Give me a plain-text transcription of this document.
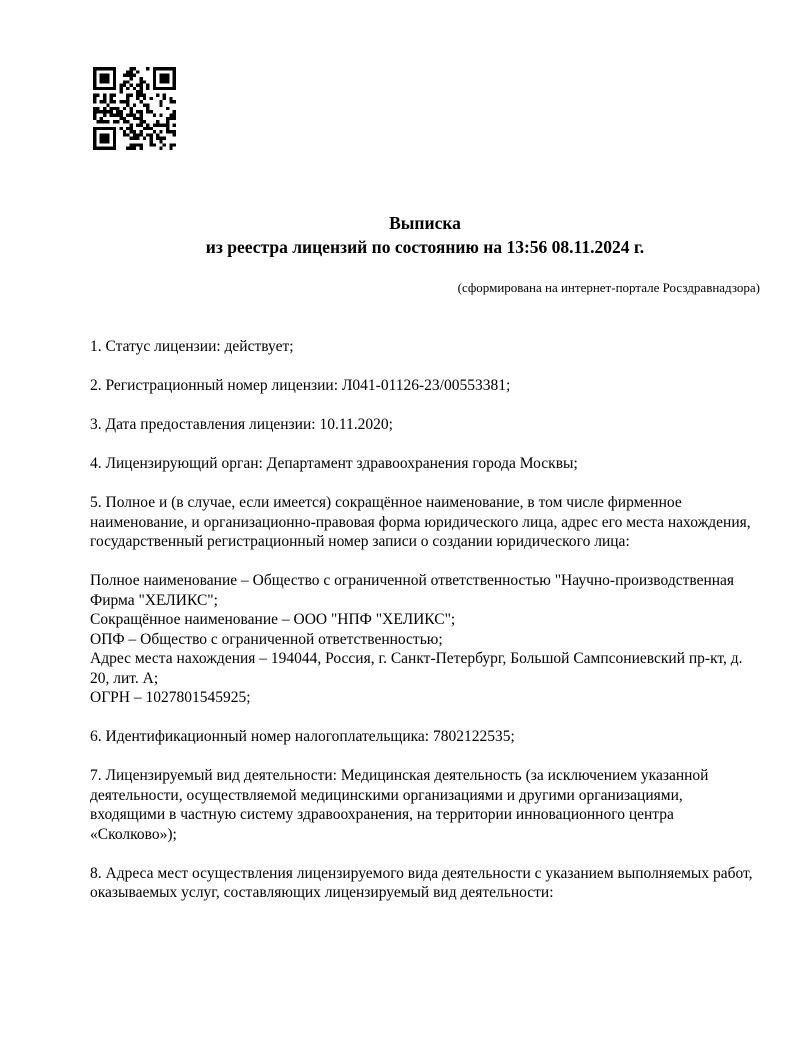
Выписка
из реестра лицензий по состоянию на 13:56 08.11.2024 г.
(сформирована на интернет-портале Росздравнадзора)

1. Статус лицензии: действует;

2. Регистрационный номер лицензии: Л041-01126-23/00553381;

3. Дата предоставления лицензии: 10.11.2020;

4. Лицензирующий орган: Департамент здравоохранения города Москвы;

5. Полное и (в случае, если имеется) сокращённое наименование, в том числе фирменное наименование, и организационно-правовая форма юридического лица, адрес его места нахождения, государственный регистрационный номер записи о создании юридического лица:

Полное наименование – Общество с ограниченной ответственностью "Научно-производственная Фирма "ХЕЛИКС";
Сокращённое наименование – ООО "НПФ "ХЕЛИКС";
ОПФ – Общество с ограниченной ответственностью;
Адрес места нахождения – 194044, Россия, г. Санкт-Петербург, Большой Сампсониевский пр-кт, д. 20, лит. А;
ОГРН – 1027801545925;

6. Идентификационный номер налогоплательщика: 7802122535;

7. Лицензируемый вид деятельности: Медицинская деятельность (за исключением указанной деятельности, осуществляемой медицинскими организациями и другими организациями, входящими в частную систему здравоохранения, на территории инновационного центра «Сколково»);

8. Адреса мест осуществления лицензируемого вида деятельности с указанием выполняемых работ, оказываемых услуг, составляющих лицензируемый вид деятельности:
